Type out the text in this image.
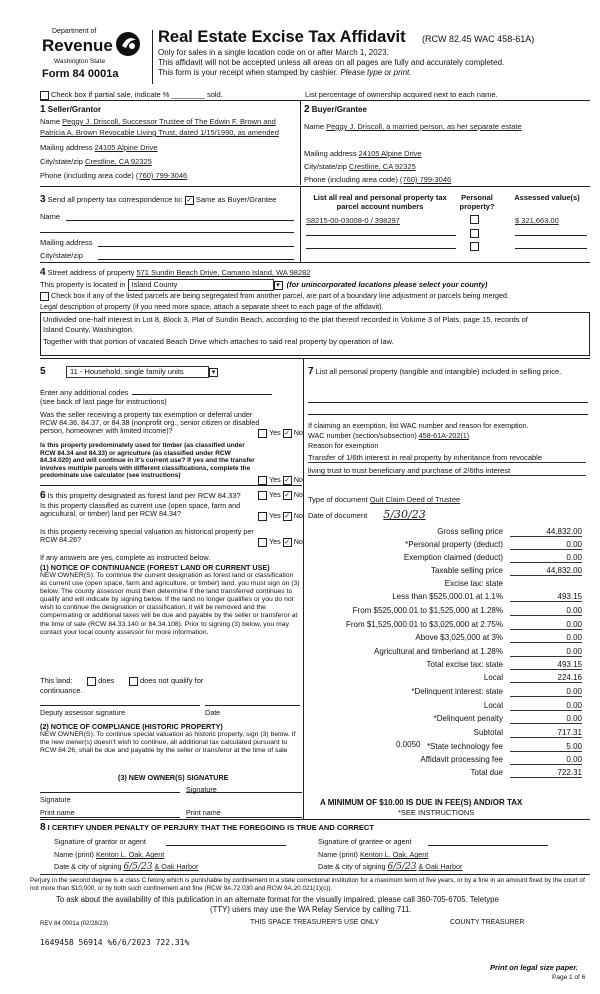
Department of
Revenue
Washington State
Form 84 0001a
Real Estate Excise Tax Affidavit (RCW 82.45 WAC 458-61A)
Only for sales in a single location code on or after March 1, 2023.
This affidavit will not be accepted unless all areas on all pages are fully and accurately completed.
This form is your receipt when stamped by cashier. Please type or print.
Check box if partial sale, indicate % ________ sold.	List percentage of ownership acquired next to each name.
1 Seller/Grantor
Name Peggy J. Driscoll, Successor Trustee of The Edwin F. Brown and
Patricia A. Brown Revocable Living Trust, dated 1/15/1990, as amended
Mailing address 24105 Alpine Drive
City/state/zip Crestline, CA 92325
Phone (including area code) (760) 799-3046
2 Buyer/Grantee
Name Peggy J. Driscoll, a married person, as her separate estate
Mailing address 24105 Alpine Drive
City/state/zip Crestline, CA 92325
Phone (including area code) (760) 799-3046
3 Send all property tax correspondence to: ✓ Same as Buyer/Grantee
Name
Mailing address
City/state/zip
List all real and personal property tax parcel account numbers
Personal property?
Assessed value(s)
S8215-00-03008-0 / 398297	$ 321,663.00
4 Street address of property 571 Sundin Beach Drive, Camano Island, WA 98282
This property is located in Island County	▾ (for unincorporated locations please select your county)
Check box if any of the listed parcels are being segregated from another parcel, are part of a boundary line adjustment or parcels being merged.
Legal description of property (if you need more space, attach a separate sheet to each page of the affidavit).
Undivided one-half interest in Lot 8, Block 3, Plat of Sundin Beach, according to the plat thereof recorded in Volume 3 of Plats, page 15, records of
Island County, Washington.
Together with that portion of vacated Beach Drive which attaches to said real property by operation of law.
5	11 - Household, single family units	▾
Enter any additional codes
(see back of last page for instructions)
Was the seller receiving a property tax exemption or deferral under RCW 84.36, 84.37, or 84.38 (nonprofit org., senior citizen or disabled person, homeowner with limited income)?	Yes ✓ No
Is this property predominately used for timber (as classified under RCW 84.34 and 84.33) or agriculture (as classified under RCW 84.34.020) and will continue in it's current use? If yes and the transfer involves multiple parcels with different classifications, complete the predominate use calculator (see instructions)	Yes ✓ No
6 Is this property designated as forest land per RCW 84.33?	Yes ✓ No
Is this property classified as current use (open space, farm and agricultural, or timber) land per RCW 84.34?	Yes ✓ No
Is this property receiving special valuation as historical property per RCW 84.26?	Yes ✓ No
If any answers are yes, complete as instructed below.
(1) NOTICE OF CONTINUANCE (FOREST LAND OR CURRENT USE)
NEW OWNER(S): To continue the current designation as forest land or classification as current use (open space, farm and agriculture, or timber) land, you must sign on (3) below. The county assessor must then determine if the land transferred continues to qualify and will indicate by signing below. If the land no longer qualifies or you do not wish to continue the designation or classification, it will be removed and the compensating or additional taxes will be due and payable by the seller or transferor at the time of sale (RCW 84.33.140 or 84.34.108). Prior to signing (3) below, you may contact your local county assessor for more information.
This land:	does	does not qualify for
continuance.
Deputy assessor signature	Date
(2) NOTICE OF COMPLIANCE (HISTORIC PROPERTY)
NEW OWNER(S): To continue special valuation as historic property, sign (3) below. If the new owner(s) doesn't wish to continue, all additional tax calculated pursuant to RCW 84.26, shall be due and payable by the seller or transferor at the time of sale
(3) NEW OWNER(S) SIGNATURE
Signature
Signature
Print name	Print name
7 List all personal property (tangible and intangible) included in selling price.
If claiming an exemption, list WAC number and reason for exemption.
WAC number (section/subsection) 458-61A-202(1)
Reason for exemption
Transfer of 1/6th interest in real property by inheritance from revocable
living trust to trust beneficiary and purchase of 2/6ths interest
Type of document Quit Claim Deed of Trustee
Date of document 5/30/23
Gross selling price	44,832.00
*Personal property (deduct)	0.00
Exemption claimed (deduct)	0.00
Taxable selling price	44,832.00
Excise tax: state
Less than $525,000.01 at 1.1%	493.15
From $525,000.01 to $1,525,000 at 1.28%	0.00
From $1,525,000.01 to $3,025,000 at 2.75%	0.00
Above $3,025,000 at 3%	0.00
Agricultural and timberland at 1.28%	0.00
Total excise tax: state	493.15
Local	224.16
*Delinquent interest: state	0.00
Local	0.00
*Delinquent penalty	0.00
Subtotal	717.31
*State technology fee	5.00
Affidavit processing fee	0.00
Total due	722.31
0.0050
A MINIMUM OF $10.00 IS DUE IN FEE(S) AND/OR TAX
*SEE INSTRUCTIONS
8 I CERTIFY UNDER PENALTY OF PERJURY THAT THE FOREGOING IS TRUE AND CORRECT
Signature of grantor or agent	Signature of grantee or agent
Name (print) Kenton L. Oak, Agent	Name (print) Kenton L. Oak, Agent
Date & city of signing 6/5/23 & Oak Harbor	Date & city of signing 6/5/23 & Oak Harbor
Perjury in the second degree is a class C felony which is punishable by confinement in a state correctional institution for a maximum term of five years, or by a fine in an amount fixed by the court of not more than $10,000, or by both such confinement and fine (RCW 9A.72.030 and RCW 9A.20.021(1)(c)).
To ask about the availability of this publication in an alternate format for the visually impaired, please call 360-705-6705. Teletype
(TTY) users may use the WA Relay Service by calling 711.
REV 84 0001a (02/28/23)	THIS SPACE TREASURER'S USE ONLY	COUNTY TREASURER
1649458 56914 %6/6/2023 722.31%
Print on legal size paper.
Page 1 of 6
